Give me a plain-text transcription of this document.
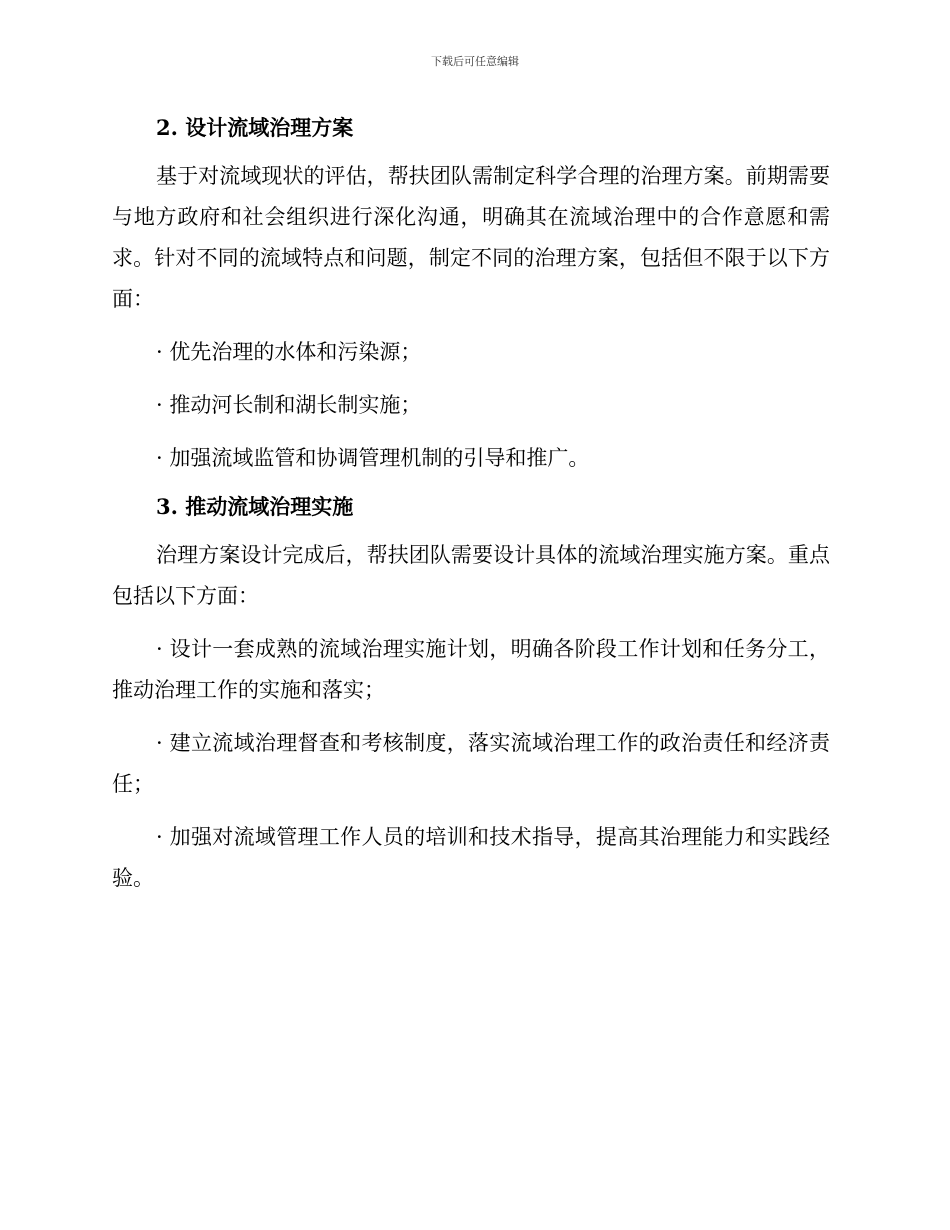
下载后可任意编辑
2. 设计流域治理方案

基于对流域现状的评估，帮扶团队需制定科学合理的治理方案。前期需要与地方政府和社会组织进行深化沟通，明确其在流域治理中的合作意愿和需求。针对不同的流域特点和问题，制定不同的治理方案，包括但不限于以下方面：

· 优先治理的水体和污染源；

· 推动河长制和湖长制实施；

· 加强流域监管和协调管理机制的引导和推广。

3. 推动流域治理实施

治理方案设计完成后，帮扶团队需要设计具体的流域治理实施方案。重点包括以下方面：

· 设计一套成熟的流域治理实施计划，明确各阶段工作计划和任务分工，推动治理工作的实施和落实；

· 建立流域治理督查和考核制度，落实流域治理工作的政治责任和经济责任；

· 加强对流域管理工作人员的培训和技术指导，提高其治理能力和实践经验。
